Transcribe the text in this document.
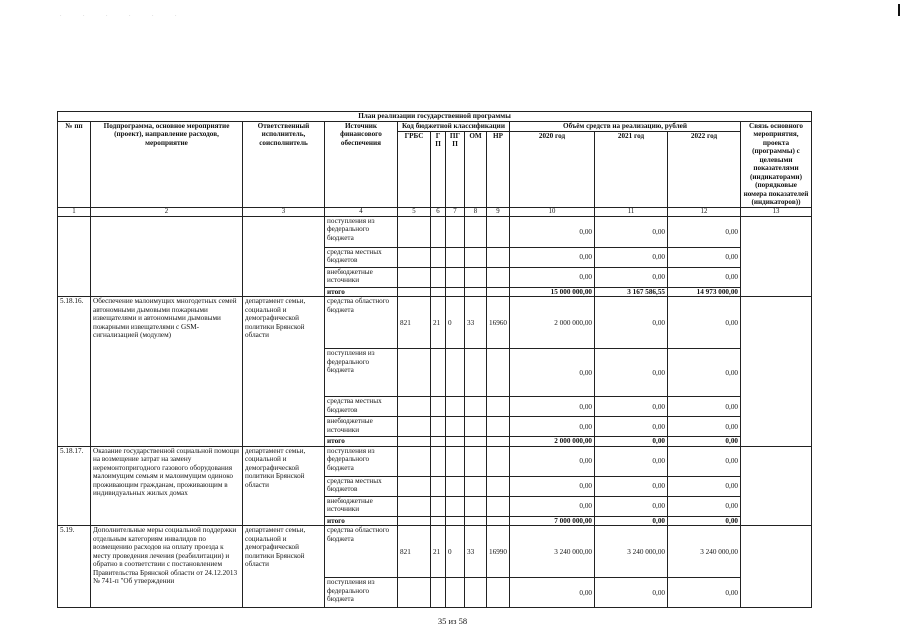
. . . . . .
План реализации государственной программы												
№ пп	Подпрограмма, основное мероприятие (проект), направление расходов, мероприятие	Ответственный исполнитель, соисполнитель	Источник финансового обеспечения	Код бюджетной классификации					Объём средств на реализацию, рублей			Связь основного мероприятия, проекта (программы) с целевыми показателями (индикаторами) (порядковые номера показателей (индикаторов))
				ГРБС	ГП	ПГП	ОМ	НР	2020 год	2021 год	2022 год	
1	2	3	4	5	6	7	8	9	10	11	12	13
			поступления из федерального бюджета						0,00	0,00	0,00	
			средства местных бюджетов						0,00	0,00	0,00	
			внебюджетные источники						0,00	0,00	0,00	
			итого						15 000 000,00	3 167 586,55	14 973 000,00	
5.18.16.	Обеспечение малоимущих многодетных семей автономными дымовыми пожарными извещателями и автономными дымовыми пожарными извещателями с GSM-сигнализацией (модулем)	департамент семьи, социальной и демографической политики Брянской области	средства областного бюджета	821	21	0	33	16960	2 000 000,00	0,00	0,00	
			поступления из федерального бюджета						0,00	0,00	0,00	
			средства местных бюджетов						0,00	0,00	0,00	
			внебюджетные источники						0,00	0,00	0,00	
			итого						2 000 000,00	0,00	0,00	
5.18.17.	Оказание государственной социальной помощи на возмещение затрат на замену неремонтопригодного газового оборудования малоимущим семьям и малоимущим одиноко проживающим гражданам, проживающим в индивидуальных жилых домах	департамент семьи, социальной и демографической политики Брянской области	поступления из федерального бюджета						0,00	0,00	0,00	
			средства местных бюджетов						0,00	0,00	0,00	
			внебюджетные источники						0,00	0,00	0,00	
			итого						7 000 000,00	0,00	0,00	
5.19.	Дополнительные меры социальной поддержки отдельным категориям инвалидов по возмещению расходов на оплату проезда к месту проведения лечения (реабилитации) и обратно в соответствии с постановлением Правительства Брянской области от 24.12.2013 № 741-п "Об утверждении	департамент семьи, социальной и демографической политики Брянской области	средства областного бюджета	821	21	0	33	16990	3 240 000,00	3 240 000,00	3 240 000,00	
			поступления из федерального бюджета						0,00	0,00	0,00	
35 из 58
